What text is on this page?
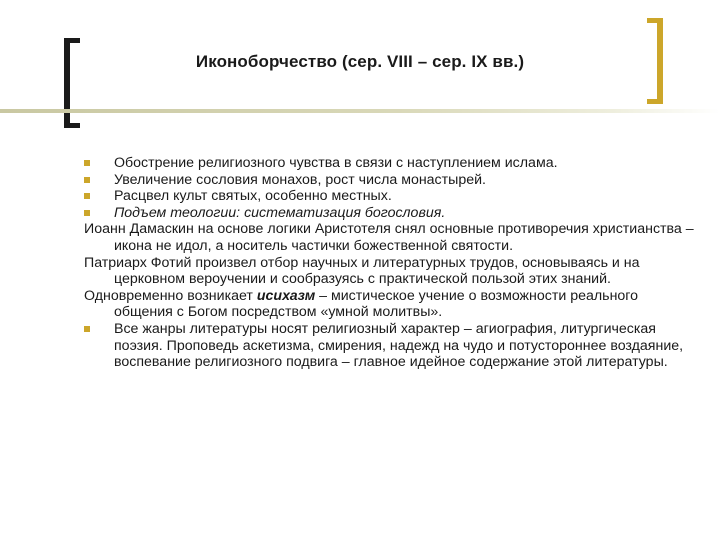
Иконоборчество (сер. VIII – сер. IX вв.)

Обострение религиозного чувства в связи с наступлением ислама.

Увеличение сословия монахов, рост числа монастырей.

Расцвел культ святых, особенно местных.

Подъем теологии: систематизация богословия.

Иоанн Дамаскин на основе логики Аристотеля снял основные противоречия христианства – икона не идол, а носитель частички божественной святости.

Патриарх Фотий произвел отбор научных и литературных трудов, основываясь и на церковном вероучении и сообразуясь с практической пользой этих знаний.

Одновременно возникает исихазм – мистическое учение о возможности реального общения с Богом посредством «умной молитвы».

Все жанры литературы носят религиозный характер – агиография, литургическая поэзия. Проповедь аскетизма, смирения, надежд на чудо и потустороннее воздаяние, воспевание религиозного подвига – главное идейное содержание этой литературы.
